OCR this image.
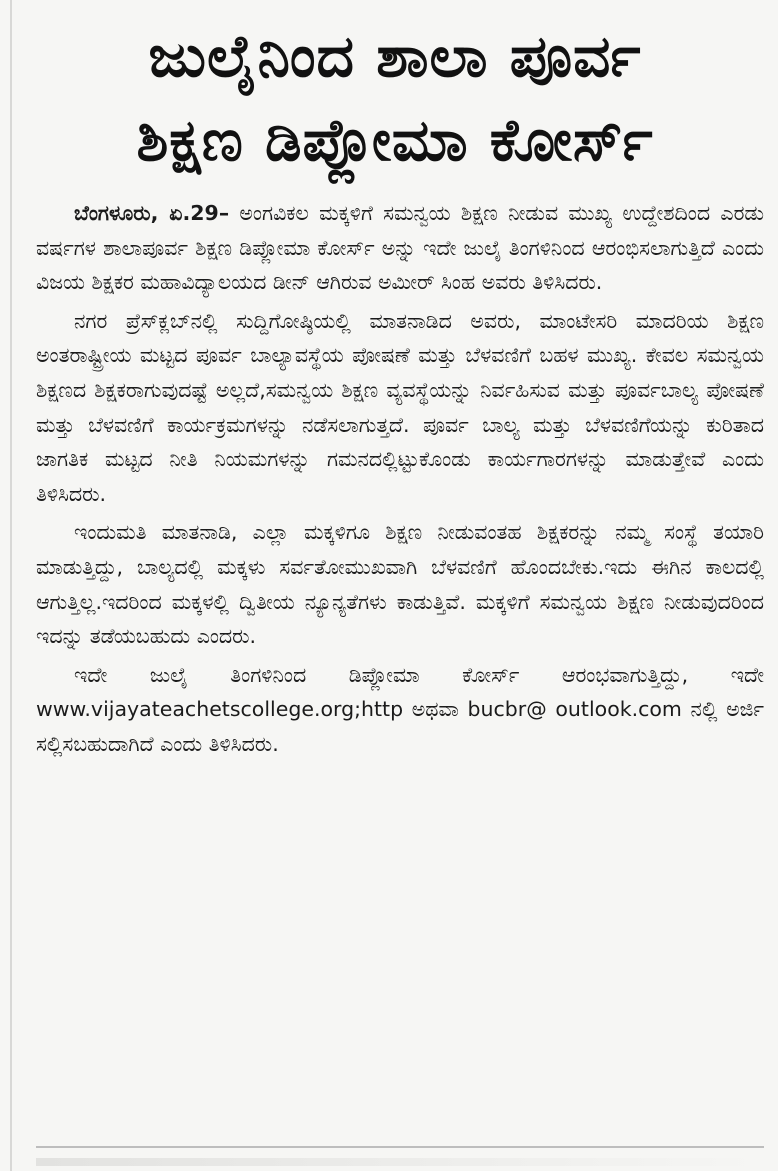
ಜುಲೈನಿಂದ ಶಾಲಾ ಪೂರ್ವ
ಶಿಕ್ಷಣ ಡಿಪ್ಲೋಮಾ ಕೋರ್ಸ್

ಬೆಂಗಳೂರು, ಏ.29– ಅಂಗವಿಕಲ ಮಕ್ಕಳಿಗೆ ಸಮನ್ವಯ ಶಿಕ್ಷಣ ನೀಡುವ ಮುಖ್ಯ ಉದ್ದೇಶದಿಂದ ಎರಡು ವರ್ಷಗಳ ಶಾಲಾಪೂರ್ವ ಶಿಕ್ಷಣ ಡಿಪ್ಲೋಮಾ ಕೋರ್ಸ್ ಅನ್ನು ಇದೇ ಜುಲೈ ತಿಂಗಳಿನಿಂದ ಆರಂಭಿಸಲಾಗುತ್ತಿದೆ ಎಂದು ವಿಜಯ ಶಿಕ್ಷಕರ ಮಹಾವಿದ್ಯಾಲಯದ ಡೀನ್ ಆಗಿರುವ ಅಮೀರ್ ಸಿಂಹ ಅವರು ತಿಳಿಸಿದರು.

ನಗರ ಪ್ರೆಸ್‌ಕ್ಲಬ್‌ನಲ್ಲಿ ಸುದ್ದಿಗೋಷ್ಠಿಯಲ್ಲಿ ಮಾತನಾಡಿದ ಅವರು, ಮಾಂಟೇಸರಿ ಮಾದರಿಯ ಶಿಕ್ಷಣ ಅಂತರಾಷ್ಟ್ರೀಯ ಮಟ್ಟದ ಪೂರ್ವ ಬಾಲ್ಯಾವಸ್ಥೆಯ ಪೋಷಣೆ ಮತ್ತು ಬೆಳವಣಿಗೆ ಬಹಳ ಮುಖ್ಯ. ಕೇವಲ ಸಮನ್ವಯ ಶಿಕ್ಷಣದ ಶಿಕ್ಷಕರಾಗುವುದಷ್ಟೆ ಅಲ್ಲದೆ,ಸಮನ್ವಯ ಶಿಕ್ಷಣ ವ್ಯವಸ್ಥೆಯನ್ನು ನಿರ್ವಹಿಸುವ ಮತ್ತು ಪೂರ್ವಬಾಲ್ಯ ಪೋಷಣೆ ಮತ್ತು ಬೆಳವಣಿಗೆ ಕಾರ್ಯಕ್ರಮಗಳನ್ನು ನಡೆಸಲಾಗುತ್ತದೆ. ಪೂರ್ವ ಬಾಲ್ಯ ಮತ್ತು ಬೆಳವಣಿಗೆಯನ್ನು ಕುರಿತಾದ ಜಾಗತಿಕ ಮಟ್ಟದ ನೀತಿ ನಿಯಮಗಳನ್ನು ಗಮನದಲ್ಲಿಟ್ಟುಕೊಂಡು ಕಾರ್ಯಗಾರಗಳನ್ನು ಮಾಡುತ್ತೇವೆ ಎಂದು ತಿಳಿಸಿದರು.

ಇಂದುಮತಿ ಮಾತನಾಡಿ, ಎಲ್ಲಾ ಮಕ್ಕಳಿಗೂ ಶಿಕ್ಷಣ ನೀಡುವಂತಹ ಶಿಕ್ಷಕರನ್ನು ನಮ್ಮ ಸಂಸ್ಥೆ ತಯಾರಿ ಮಾಡುತ್ತಿದ್ದು, ಬಾಲ್ಯದಲ್ಲಿ ಮಕ್ಕಳು ಸರ್ವತೋಮುಖವಾಗಿ ಬೆಳವಣಿಗೆ ಹೊಂದಬೇಕು.ಇದು ಈಗಿನ ಕಾಲದಲ್ಲಿ ಆಗುತ್ತಿಲ್ಲ.ಇದರಿಂದ ಮಕ್ಕಳಲ್ಲಿ ದ್ವಿತೀಯ ನ್ಯೂನ್ಯತೆಗಳು ಕಾಡುತ್ತಿವೆ. ಮಕ್ಕಳಿಗೆ ಸಮನ್ವಯ ಶಿಕ್ಷಣ ನೀಡುವುದರಿಂದ ಇದನ್ನು ತಡೆಯಬಹುದು ಎಂದರು.

ಇದೇ ಜುಲೈ ತಿಂಗಳಿನಿಂದ ಡಿಪ್ಲೋಮಾ ಕೋರ್ಸ್ ಆರಂಭವಾಗುತ್ತಿದ್ದು, ಇದೇ www.vijayateachetscollege.org;http ಅಥವಾ bucbr@ outlook.com ನಲ್ಲಿ ಅರ್ಜಿ ಸಲ್ಲಿಸಬಹುದಾಗಿದೆ ಎಂದು ತಿಳಿಸಿದರು.
